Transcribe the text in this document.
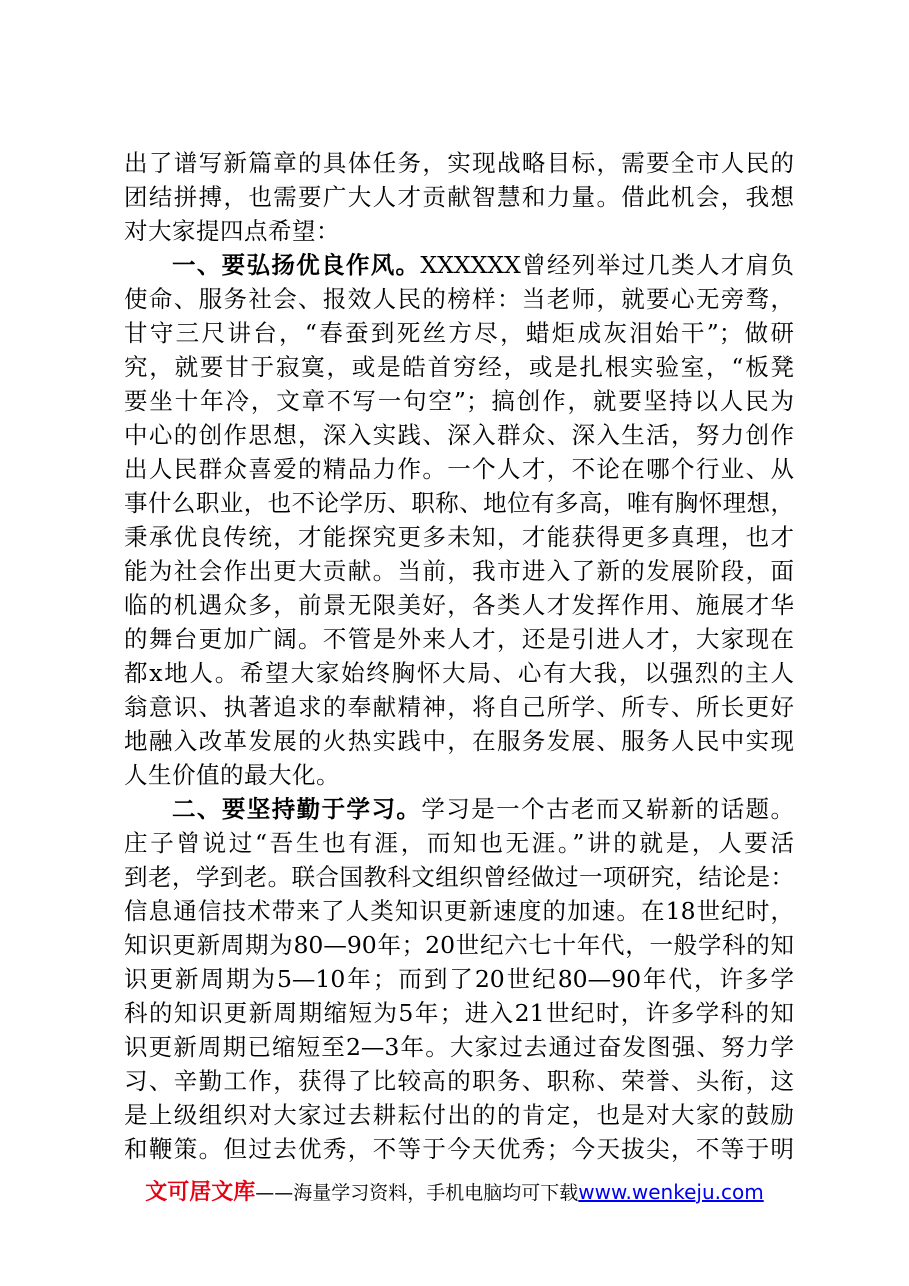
出了谱写新篇章的具体任务，实现战略目标，需要全市人民的
团结拼搏，也需要广大人才贡献智慧和力量。借此机会，我想
对大家提四点希望：
一、要弘扬优良作风。XXXXXX曾经列举过几类人才肩负
使命、服务社会、报效人民的榜样：当老师，就要心无旁骛，
甘守三尺讲台，“春蚕到死丝方尽，蜡炬成灰泪始干”；做研
究，就要甘于寂寞，或是皓首穷经，或是扎根实验室，“板凳
要坐十年冷，文章不写一句空”；搞创作，就要坚持以人民为
中心的创作思想，深入实践、深入群众、深入生活，努力创作
出人民群众喜爱的精品力作。一个人才，不论在哪个行业、从
事什么职业，也不论学历、职称、地位有多高，唯有胸怀理想，
秉承优良传统，才能探究更多未知，才能获得更多真理，也才
能为社会作出更大贡献。当前，我市进入了新的发展阶段，面
临的机遇众多，前景无限美好，各类人才发挥作用、施展才华
的舞台更加广阔。不管是外来人才，还是引进人才，大家现在
都x地人。希望大家始终胸怀大局、心有大我，以强烈的主人
翁意识、执著追求的奉献精神，将自己所学、所专、所长更好
地融入改革发展的火热实践中，在服务发展、服务人民中实现
人生价值的最大化。
二、要坚持勤于学习。学习是一个古老而又崭新的话题。
庄子曾说过“吾生也有涯，而知也无涯。”讲的就是，人要活
到老，学到老。联合国教科文组织曾经做过一项研究，结论是：
信息通信技术带来了人类知识更新速度的加速。在18世纪时，
知识更新周期为80—90年；20世纪六七十年代，一般学科的知
识更新周期为5—10年；而到了20世纪80—90年代，许多学
科的知识更新周期缩短为5年；进入21世纪时，许多学科的知
识更新周期已缩短至2—3年。大家过去通过奋发图强、努力学
习、辛勤工作，获得了比较高的职务、职称、荣誉、头衔，这
是上级组织对大家过去耕耘付出的的肯定，也是对大家的鼓励
和鞭策。但过去优秀，不等于今天优秀；今天拔尖，不等于明
文可居文库——海量学习资料，手机电脑均可下载www.wenkeju.com
